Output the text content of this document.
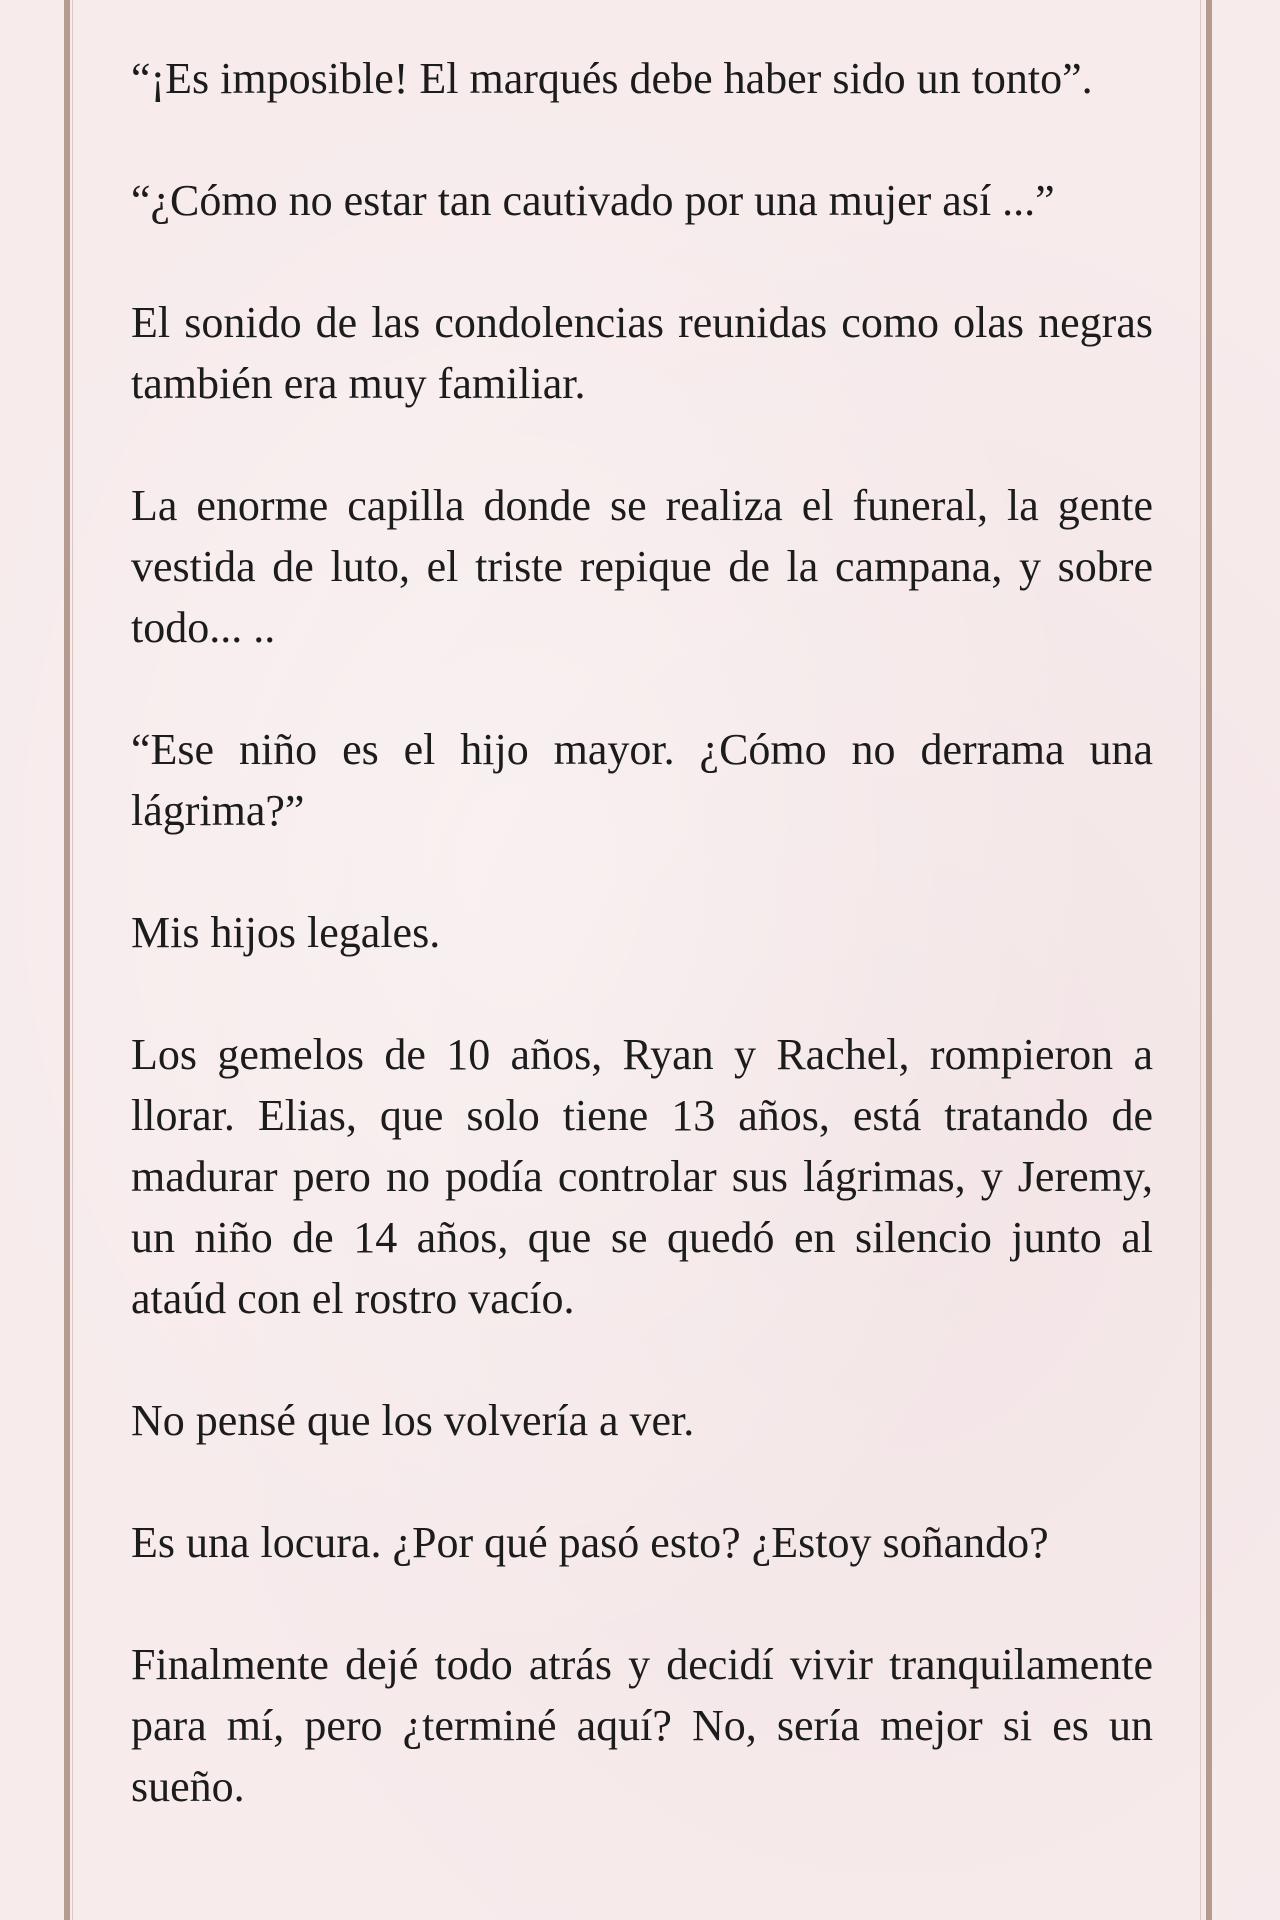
“¡Es imposible! El marqués debe haber sido un tonto”.

“¿Cómo no estar tan cautivado por una mujer así ...”

El sonido de las condolencias reunidas como olas negras también era muy familiar.

La enorme capilla donde se realiza el funeral, la gente vestida de luto, el triste repique de la campana, y sobre todo... ..

“Ese niño es el hijo mayor. ¿Cómo no derrama una lágrima?”

Mis hijos legales.

Los gemelos de 10 años, Ryan y Rachel, rompieron a llorar. Elias, que solo tiene 13 años, está tratando de madurar pero no podía controlar sus lágrimas, y Jeremy, un niño de 14 años, que se quedó en silencio junto al ataúd con el rostro vacío.

No pensé que los volvería a ver.

Es una locura. ¿Por qué pasó esto? ¿Estoy soñando?

Finalmente dejé todo atrás y decidí vivir tranquilamente para mí, pero ¿terminé aquí? No, sería mejor si es un sueño.
